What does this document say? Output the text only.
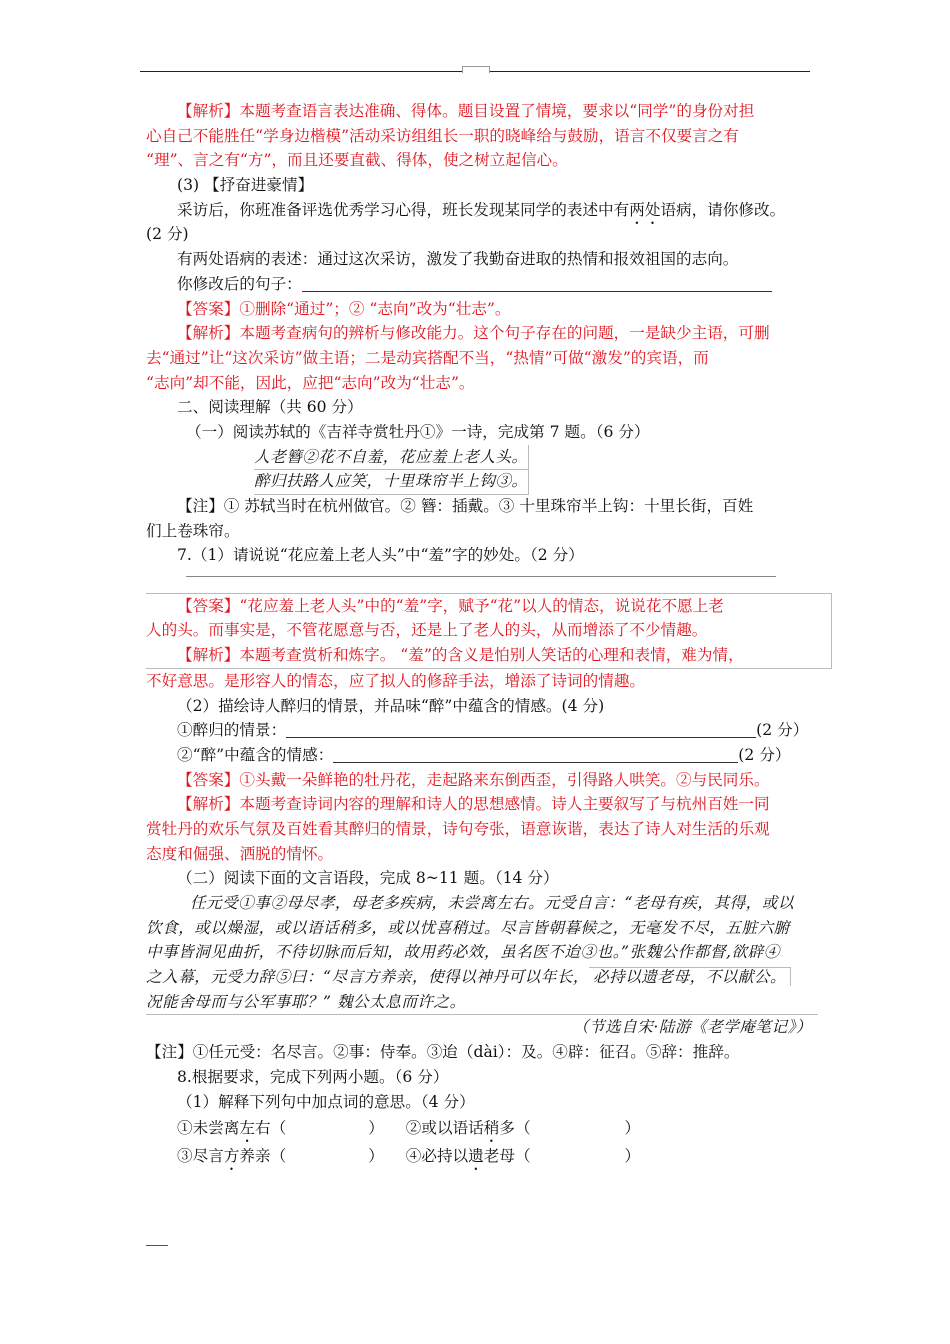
【解析】本题考查语言表达准确、得体。题目设置了情境，要求以“同学”的身份对担
心自己不能胜任“学身边楷模”活动采访组组长一职的晓峰给与鼓励，语言不仅要言之有
“理”、言之有“方”，而且还要直截、得体，使之树立起信心。
(3) 【抒奋进豪情】
采访后，你班准备评选优秀学习心得，班长发现某同学的表述中有两处语病，请你修改。
(2 分)
有两处语病的表述：通过这次采访，激发了我勤奋进取的热情和报效祖国的志向。
你修改后的句子：
【答案】①删除“通过”；② “志向”改为“壮志”。
【解析】本题考查病句的辨析与修改能力。这个句子存在的问题，一是缺少主语，可删
去“通过”让“这次采访”做主语；二是动宾搭配不当，“热情”可做“激发”的宾语，而
“志向”却不能，因此，应把“志向”改为“壮志”。
二、阅读理解（共 60 分）
（一）阅读苏轼的《吉祥寺赏牡丹①》一诗，完成第 7 题。（6 分）
人老簪②花不自羞，花应羞上老人头。
醉归扶路人应笑，十里珠帘半上钩③。
【注】① 苏轼当时在杭州做官。② 簪：插戴。③ 十里珠帘半上钩：十里长街，百姓
们上卷珠帘。
7.（1）请说说“花应羞上老人头”中“羞”字的妙处。（2 分）
【答案】“花应羞上老人头”中的“羞”字，赋予“花”以人的情态，说说花不愿上老
人的头。而事实是，不管花愿意与否，还是上了老人的头，从而增添了不少情趣。
【解析】本题考查赏析和炼字。 “羞”的含义是怕别人笑话的心理和表情，难为情，
不好意思。是形容人的情态，应了拟人的修辞手法，增添了诗词的情趣。
（2）描绘诗人醉归的情景，并品味“醉”中蕴含的情感。(4 分)
①醉归的情景：	(2 分）
②“醉”中蕴含的情感：	(2 分）
【答案】①头戴一朵鲜艳的牡丹花，走起路来东倒西歪，引得路人哄笑。②与民同乐。
【解析】本题考查诗词内容的理解和诗人的思想感情。诗人主要叙写了与杭州百姓一同
赏牡丹的欢乐气氛及百姓看其醉归的情景，诗句夸张，语意诙谐，表达了诗人对生活的乐观
态度和倔强、洒脱的情怀。
（二）阅读下面的文言语段，完成 8~11 题。（14 分）
任元受①事②母尽孝，母老多疾病，未尝离左右。元受自言：“老母有疾，其得，或以
饮食，或以燥湿，或以语话稍多，或以忧喜稍过。尽言皆朝暮候之，无毫发不尽，五脏六腑
中事皆洞见曲折，不待切脉而后知，故用药必效，虽名医不迨③也。”张魏公作都督,欲辟④
之入幕，元受力辞⑤曰：“尽言方养亲，使得以神丹可以年长， 必持以遗老母，不以献公。
况能舍母而与公军事耶？” 魏公太息而许之。
（节选自宋·陆游《老学庵笔记》）
【注】①任元受：名尽言。②事：侍奉。③迨（dài）：及。④辟：征召。⑤辞：推辞。
8.根据要求，完成下列两小题。（6 分）
（1）解释下列句中加点词的意思。（4 分）
①未尝离左右（	） ②或以语话稍多（	）
③尽言方养亲（	） ④必持以遗老母（	）
